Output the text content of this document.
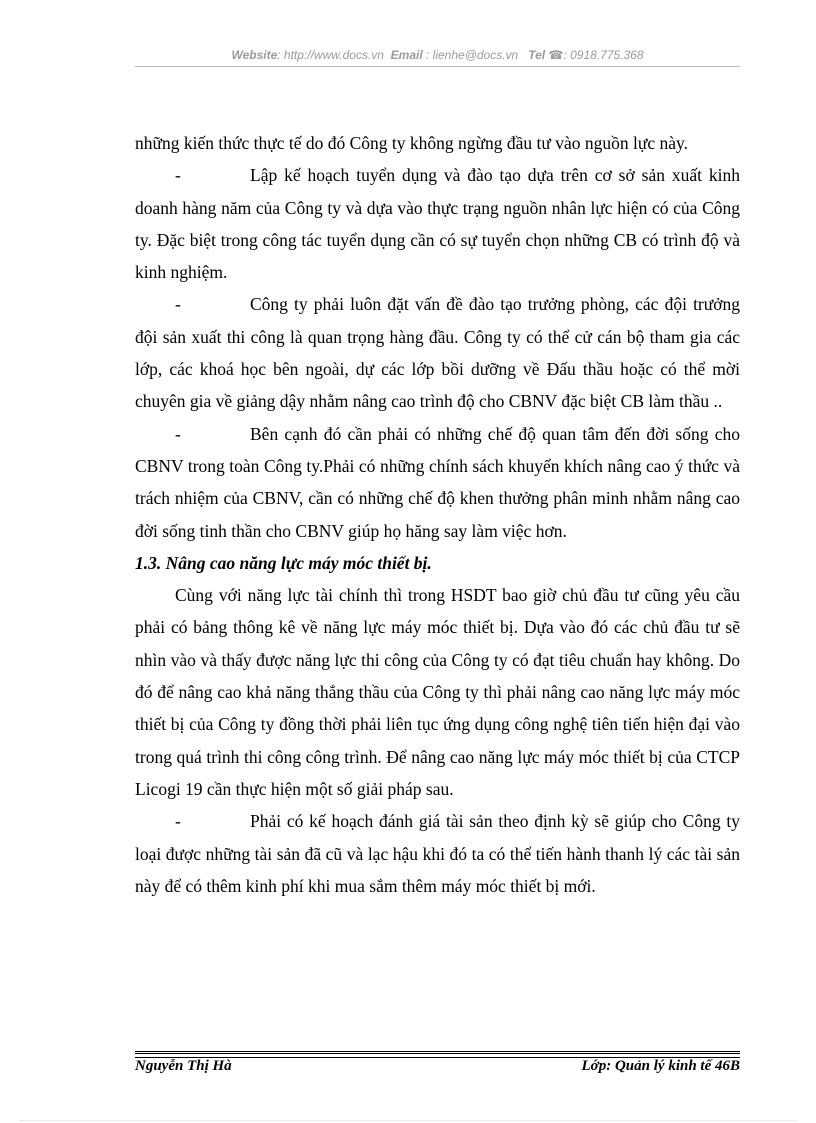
Website: http://www.docs.vn Email : lienhe@docs.vn Tel ☎: 0918.775.368

những kiến thức thực tế do đó Công ty không ngừng đầu tư vào nguồn lực này.

-	Lập kế hoạch tuyển dụng và đào tạo dựa trên cơ sở sản xuất kinh doanh hàng năm của Công ty và dựa vào thực trạng nguồn nhân lực hiện có của Công ty. Đặc biệt trong công tác tuyển dụng cần có sự tuyển chọn những CB có trình độ và kinh nghiệm.

-	Công ty phải luôn đặt vấn đề đào tạo trưởng phòng, các đội trưởng đội sản xuất thi công là quan trọng hàng đầu. Công ty có thể cử cán bộ tham gia các lớp, các khoá học bên ngoài, dự các lớp bồi dưỡng về Đấu thầu hoặc có thể mời chuyên gia về giảng dậy nhằm nâng cao trình độ cho CBNV đặc biệt CB làm thầu ..

-	Bên cạnh đó cần phải có những chế độ quan tâm đến đời sống cho CBNV trong toàn Công ty.Phải có những chính sách khuyến khích nâng cao ý thức và trách nhiệm của CBNV, cần có những chế độ khen thưởng phân minh nhằm nâng cao đời sống tinh thần cho CBNV giúp họ hăng say làm việc hơn.

1.3. Nâng cao năng lực máy móc thiết bị.

Cùng với năng lực tài chính thì trong HSDT bao giờ chủ đầu tư cũng yêu cầu phải có bảng thông kê về năng lực máy móc thiết bị. Dựa vào đó các chủ đầu tư sẽ nhìn vào và thấy được năng lực thi công của Công ty có đạt tiêu chuẩn hay không. Do đó để nâng cao khả năng thắng thầu của Công ty thì phải nâng cao năng lực máy móc thiết bị của Công ty đồng thời phải liên tục ứng dụng công nghệ tiên tiến hiện đại vào trong quá trình thi công công trình. Để nâng cao năng lực máy móc thiết bị của CTCP Licogi 19 cần thực hiện một số giải pháp sau.

-	Phải có kế hoạch đánh giá tài sản theo định kỳ sẽ giúp cho Công ty loại được những tài sản đã cũ và lạc hậu khi đó ta có thể tiến hành thanh lý các tài sản này để có thêm kinh phí khi mua sắm thêm máy móc thiết bị mới.

Nguyễn Thị Hà	Lớp: Quản lý kinh tế 46B
